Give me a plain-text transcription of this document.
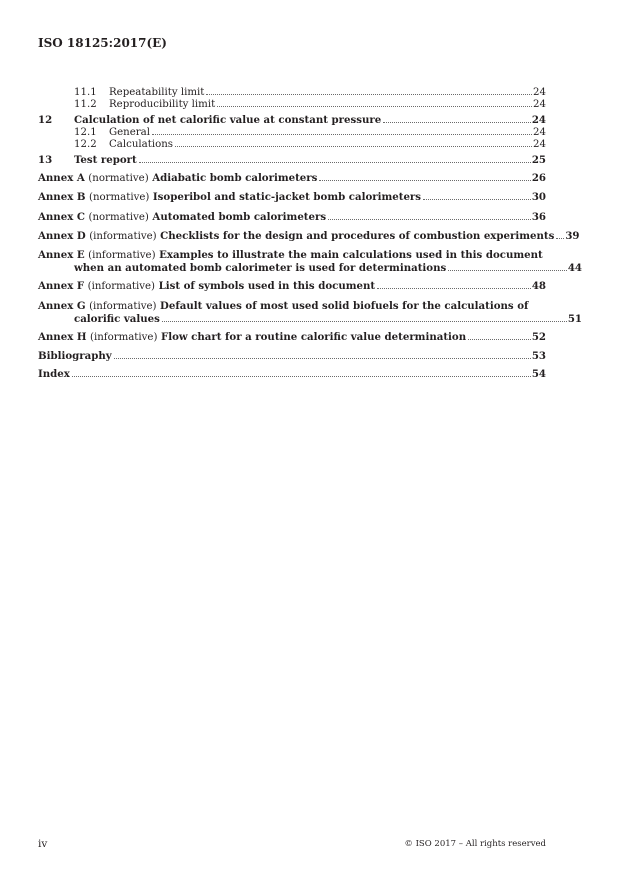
ISO 18125:2017(E)
11.1	Repeatability limit	24
11.2	Reproducibility limit	24
12	Calculation of net calorific value at constant pressure	24
12.1	General	24
12.2	Calculations	24
13	Test report	25
Annex A (normative) Adiabatic bomb calorimeters	26
Annex B (normative) Isoperibol and static-jacket bomb calorimeters	30
Annex C (normative) Automated bomb calorimeters	36
Annex D (informative) Checklists for the design and procedures of combustion experiments 39
Annex E (informative) Examples to illustrate the main calculations used in this document
when an automated bomb calorimeter is used for determinations	44
Annex F (informative) List of symbols used in this document	48
Annex G (informative) Default values of most used solid biofuels for the calculations of
calorific values	51
Annex H (informative) Flow chart for a routine calorific value determination	52
Bibliography	53
Index	54
iv	© ISO 2017 – All rights reserved
